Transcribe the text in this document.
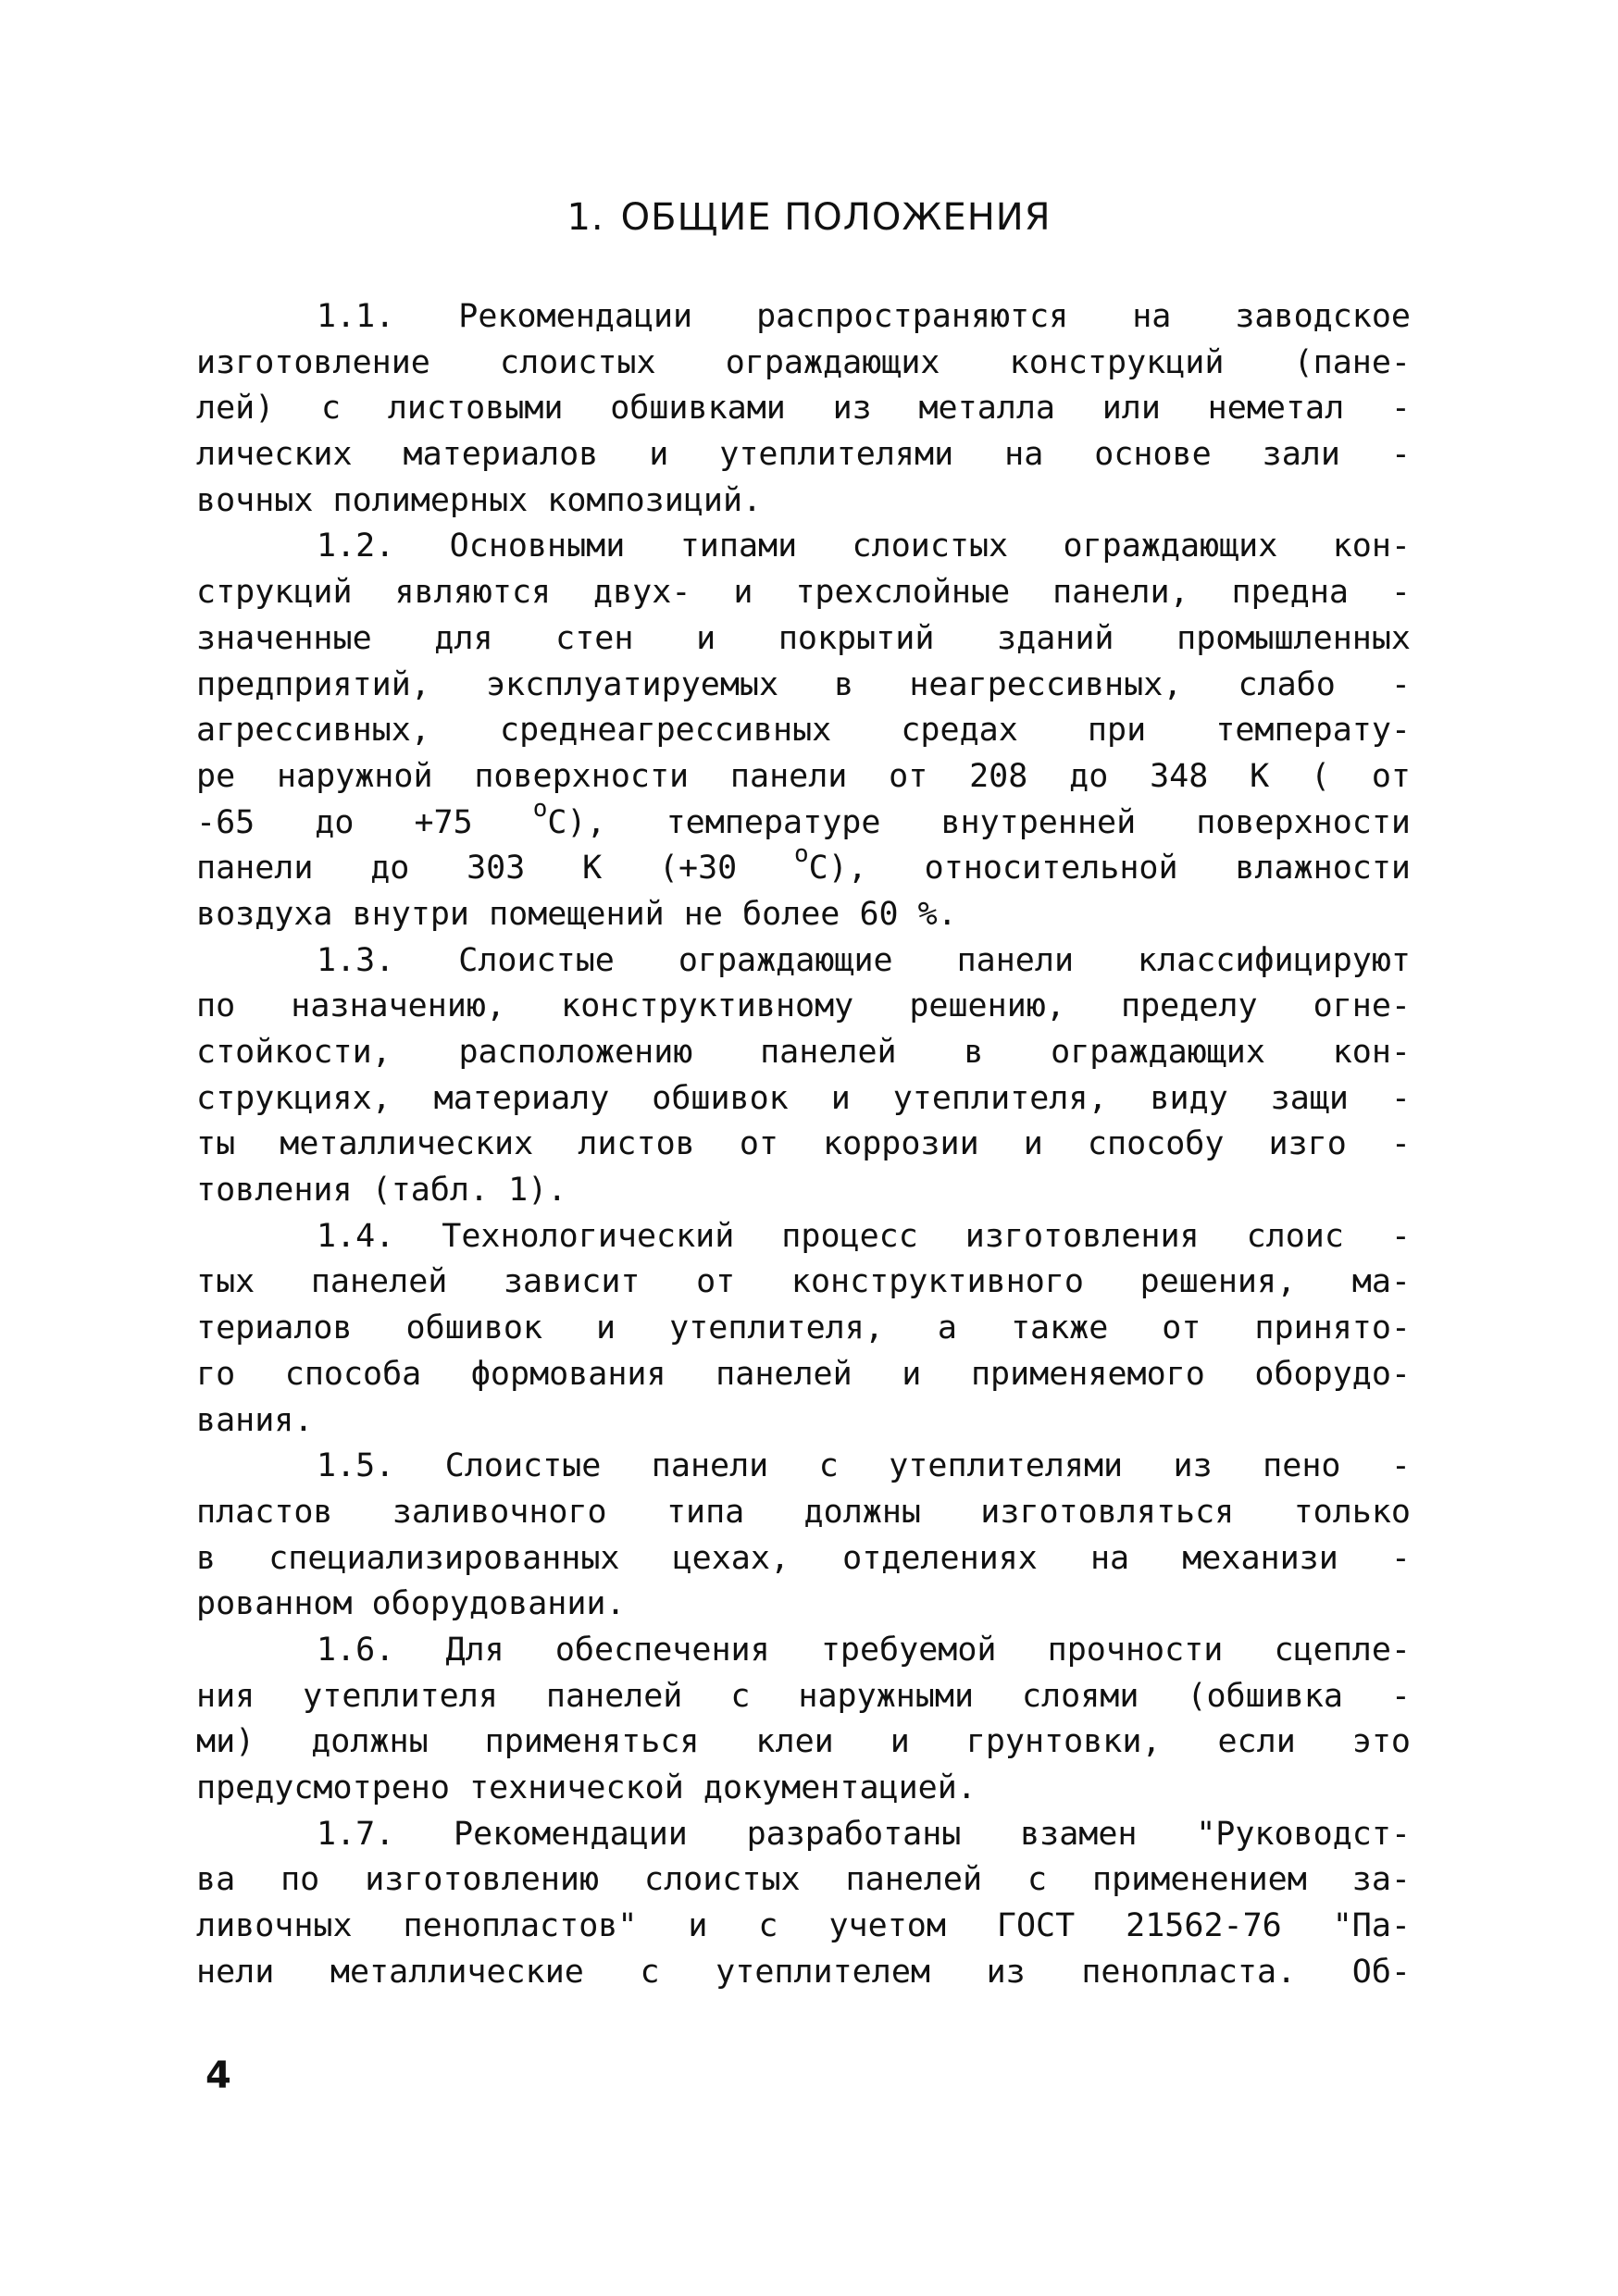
1. ОБЩИЕ ПОЛОЖЕНИЯ
1.1. Рекомендации распространяются на заводское
изготовление слоистых ограждающих конструкций (пане-
лей) с листовыми обшивками из металла или неметал -
лических материалов и утеплителями на основе зали -
вочных полимерных композиций.
1.2. Основными типами слоистых ограждающих кон-
струкций являются двух- и трехслойные панели, предна -
значенные для стен и покрытий зданий промышленных
предприятий, эксплуатируемых в неагрессивных, слабо -
агрессивных, среднеагрессивных средах при температу-
ре наружной поверхности панели от 208 до 348 К ( от
-65 до +75 $^о$С), температуре внутренней поверхности
панели до 303 К (+30 $^о$С), относительной влажности
воздуха внутри помещений не более 60 %.
1.3. Слоистые ограждающие панели классифицируют
по назначению, конструктивному решению, пределу огне-
стойкости, расположению панелей в ограждающих кон-
струкциях, материалу обшивок и утеплителя, виду защи -
ты металлических листов от коррозии и способу изго -
товления (табл. 1).
1.4. Технологический процесс изготовления слоис -
тых панелей зависит от конструктивного решения, ма-
териалов обшивок и утеплителя, а также от принято-
го способа формования панелей и применяемого оборудо-
вания.
1.5. Слоистые панели с утеплителями из пено -
пластов заливочного типа должны изготовляться только
в специализированных цехах, отделениях на механизи -
рованном оборудовании.
1.6. Для обеспечения требуемой прочности сцепле-
ния утеплителя панелей с наружными слоями (обшивка -
ми) должны применяться клеи и грунтовки, если это
предусмотрено технической документацией.
1.7. Рекомендации разработаны взамен "Руководст-
ва по изготовлению слоистых панелей с применением за-
ливочных пенопластов" и с учетом ГОСТ 21562-76 "Па-
нели металлические с утеплителем из пенопласта. Об-
4
